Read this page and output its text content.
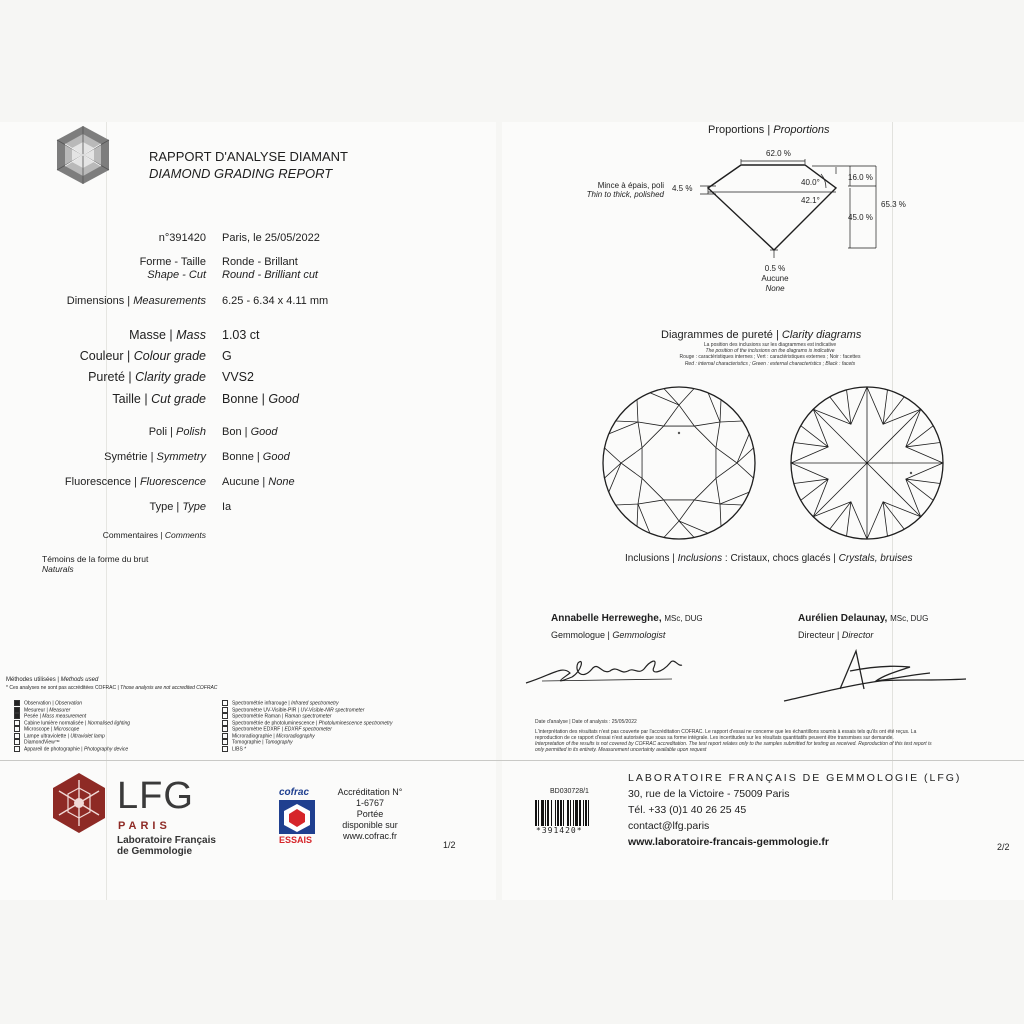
RAPPORT D'ANALYSE DIAMANT
DIAMOND GRADING REPORT
n°391420 Paris, le 25/05/2022
Forme - Taille
Shape - Cut
Ronde - Brillant
Round - Brilliant cut
Dimensions | Measurements 6.25 - 6.34 x 4.11 mm
Masse | Mass 1.03 ct
Couleur | Colour grade G
Pureté | Clarity grade VVS2
Taille | Cut grade Bonne | Good
Poli | Polish Bon | Good
Symétrie | Symmetry Bonne | Good
Fluorescence | Fluorescence Aucune | None
Type | Type Ia
Commentaires | Comments
Témoins de la forme du brut
Naturals
Méthodes utilisées | Methods used
* Ces analyses ne sont pas accréditées COFRAC | Those analysis are not accredited COFRAC
Observation | Observation
Mesureur | Measurer
Pesée | Mass measurement
Cabine lumière normalisée | Normalised lighting
Microscope | Microscope
Lampe ultraviolette | Ultraviolet lamp
DiamondView™
Appareil de photographie | Photography device
Spectrométrie infrarouge | Infrared spectrometry
Spectromètre UV-Visible-PIR | UV-Visible-NIR spectrometer
Spectrométrie Raman | Raman spectrometer
Spectrométrie de photoluminescence | Photoluminescence spectrometry
Spectromètre EDXRF | EDXRF spectrometer
Microradiographie | Microradiography
Tomographie | Tomography
LIBS *
LFG
PARIS
Laboratoire Français
de Gemmologie
cofrac
ESSAIS
Accréditation N°
1-6767
Portée
disponible sur
www.cofrac.fr
1/2
Proportions | Proportions
62.0 %
40.0°
42.1°
16.0 %
45.0 %
65.3 %
4.5 %
Mince à épais, poli
Thin to thick, polished
0.5 %
Aucune
None
Diagrammes de pureté | Clarity diagrams
La position des inclusions sur les diagrammes est indicative
The position of the inclusions on the diagrams is indicative
Rouge : caractéristiques internes ; Vert : caractéristiques externes ; Noir : facettes
Red : internal characteristics ; Green : external characteristics ; Black : facets
Inclusions | Inclusions : Cristaux, chocs glacés | Crystals, bruises
Annabelle Herreweghe, MSc, DUG
Gemmologue | Gemmologist
Aurélien Delaunay, MSc, DUG
Directeur | Director
Date d'analyse | Date of analysis : 25/05/2022
L'interprétation des résultats n'est pas couverte par l'accréditation COFRAC. Le rapport d'essai ne concerne que les échantillons soumis à essais tels qu'ils ont été reçus. La
reproduction de ce rapport d'essai n'est autorisée que sous sa forme intégrale. Les incertitudes sur les résultats quantitatifs peuvent être transmises sur demande.
Interpretation of the results is not covered by COFRAC accreditation. The test report relates only to the samples submitted for testing as received. Reproduction of this test report is
only permitted in its entirety. Measurement uncertainty available upon request
BD030728/1
*391420*
LABORATOIRE FRANÇAIS DE GEMMOLOGIE (LFG)
30, rue de la Victoire - 75009 Paris
Tél. +33 (0)1 40 26 25 45
contact@lfg.paris
www.laboratoire-francais-gemmologie.fr	2/2
